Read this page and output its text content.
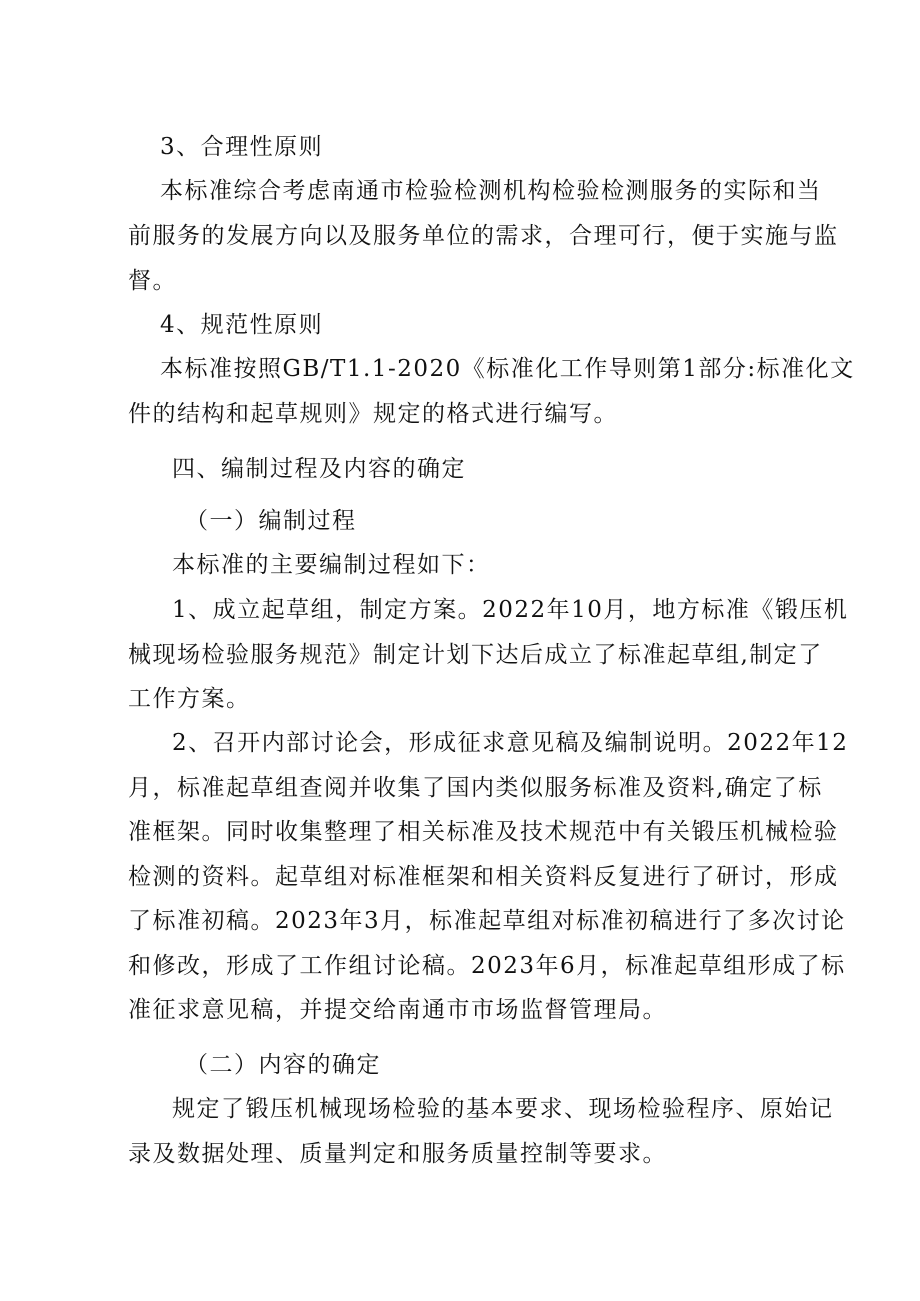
3、合理性原则
本标准综合考虑南通市检验检测机构检验检测服务的实际和当
前服务的发展方向以及服务单位的需求，合理可行，便于实施与监
督。
4、规范性原则
本标准按照GB/T1.1-2020《标准化工作导则第1部分:标准化文
件的结构和起草规则》规定的格式进行编写。
四、编制过程及内容的确定
（一）编制过程
本标准的主要编制过程如下：
1、成立起草组，制定方案。2022年10月，地方标准《锻压机
械现场检验服务规范》制定计划下达后成立了标准起草组,制定了
工作方案。
2、召开内部讨论会，形成征求意见稿及编制说明。2022年12
月，标准起草组查阅并收集了国内类似服务标准及资料,确定了标
准框架。同时收集整理了相关标准及技术规范中有关锻压机械检验
检测的资料。起草组对标准框架和相关资料反复进行了研讨，形成
了标准初稿。2023年3月，标准起草组对标准初稿进行了多次讨论
和修改，形成了工作组讨论稿。2023年6月，标准起草组形成了标
准征求意见稿，并提交给南通市市场监督管理局。
（二）内容的确定
规定了锻压机械现场检验的基本要求、现场检验程序、原始记
录及数据处理、质量判定和服务质量控制等要求。
